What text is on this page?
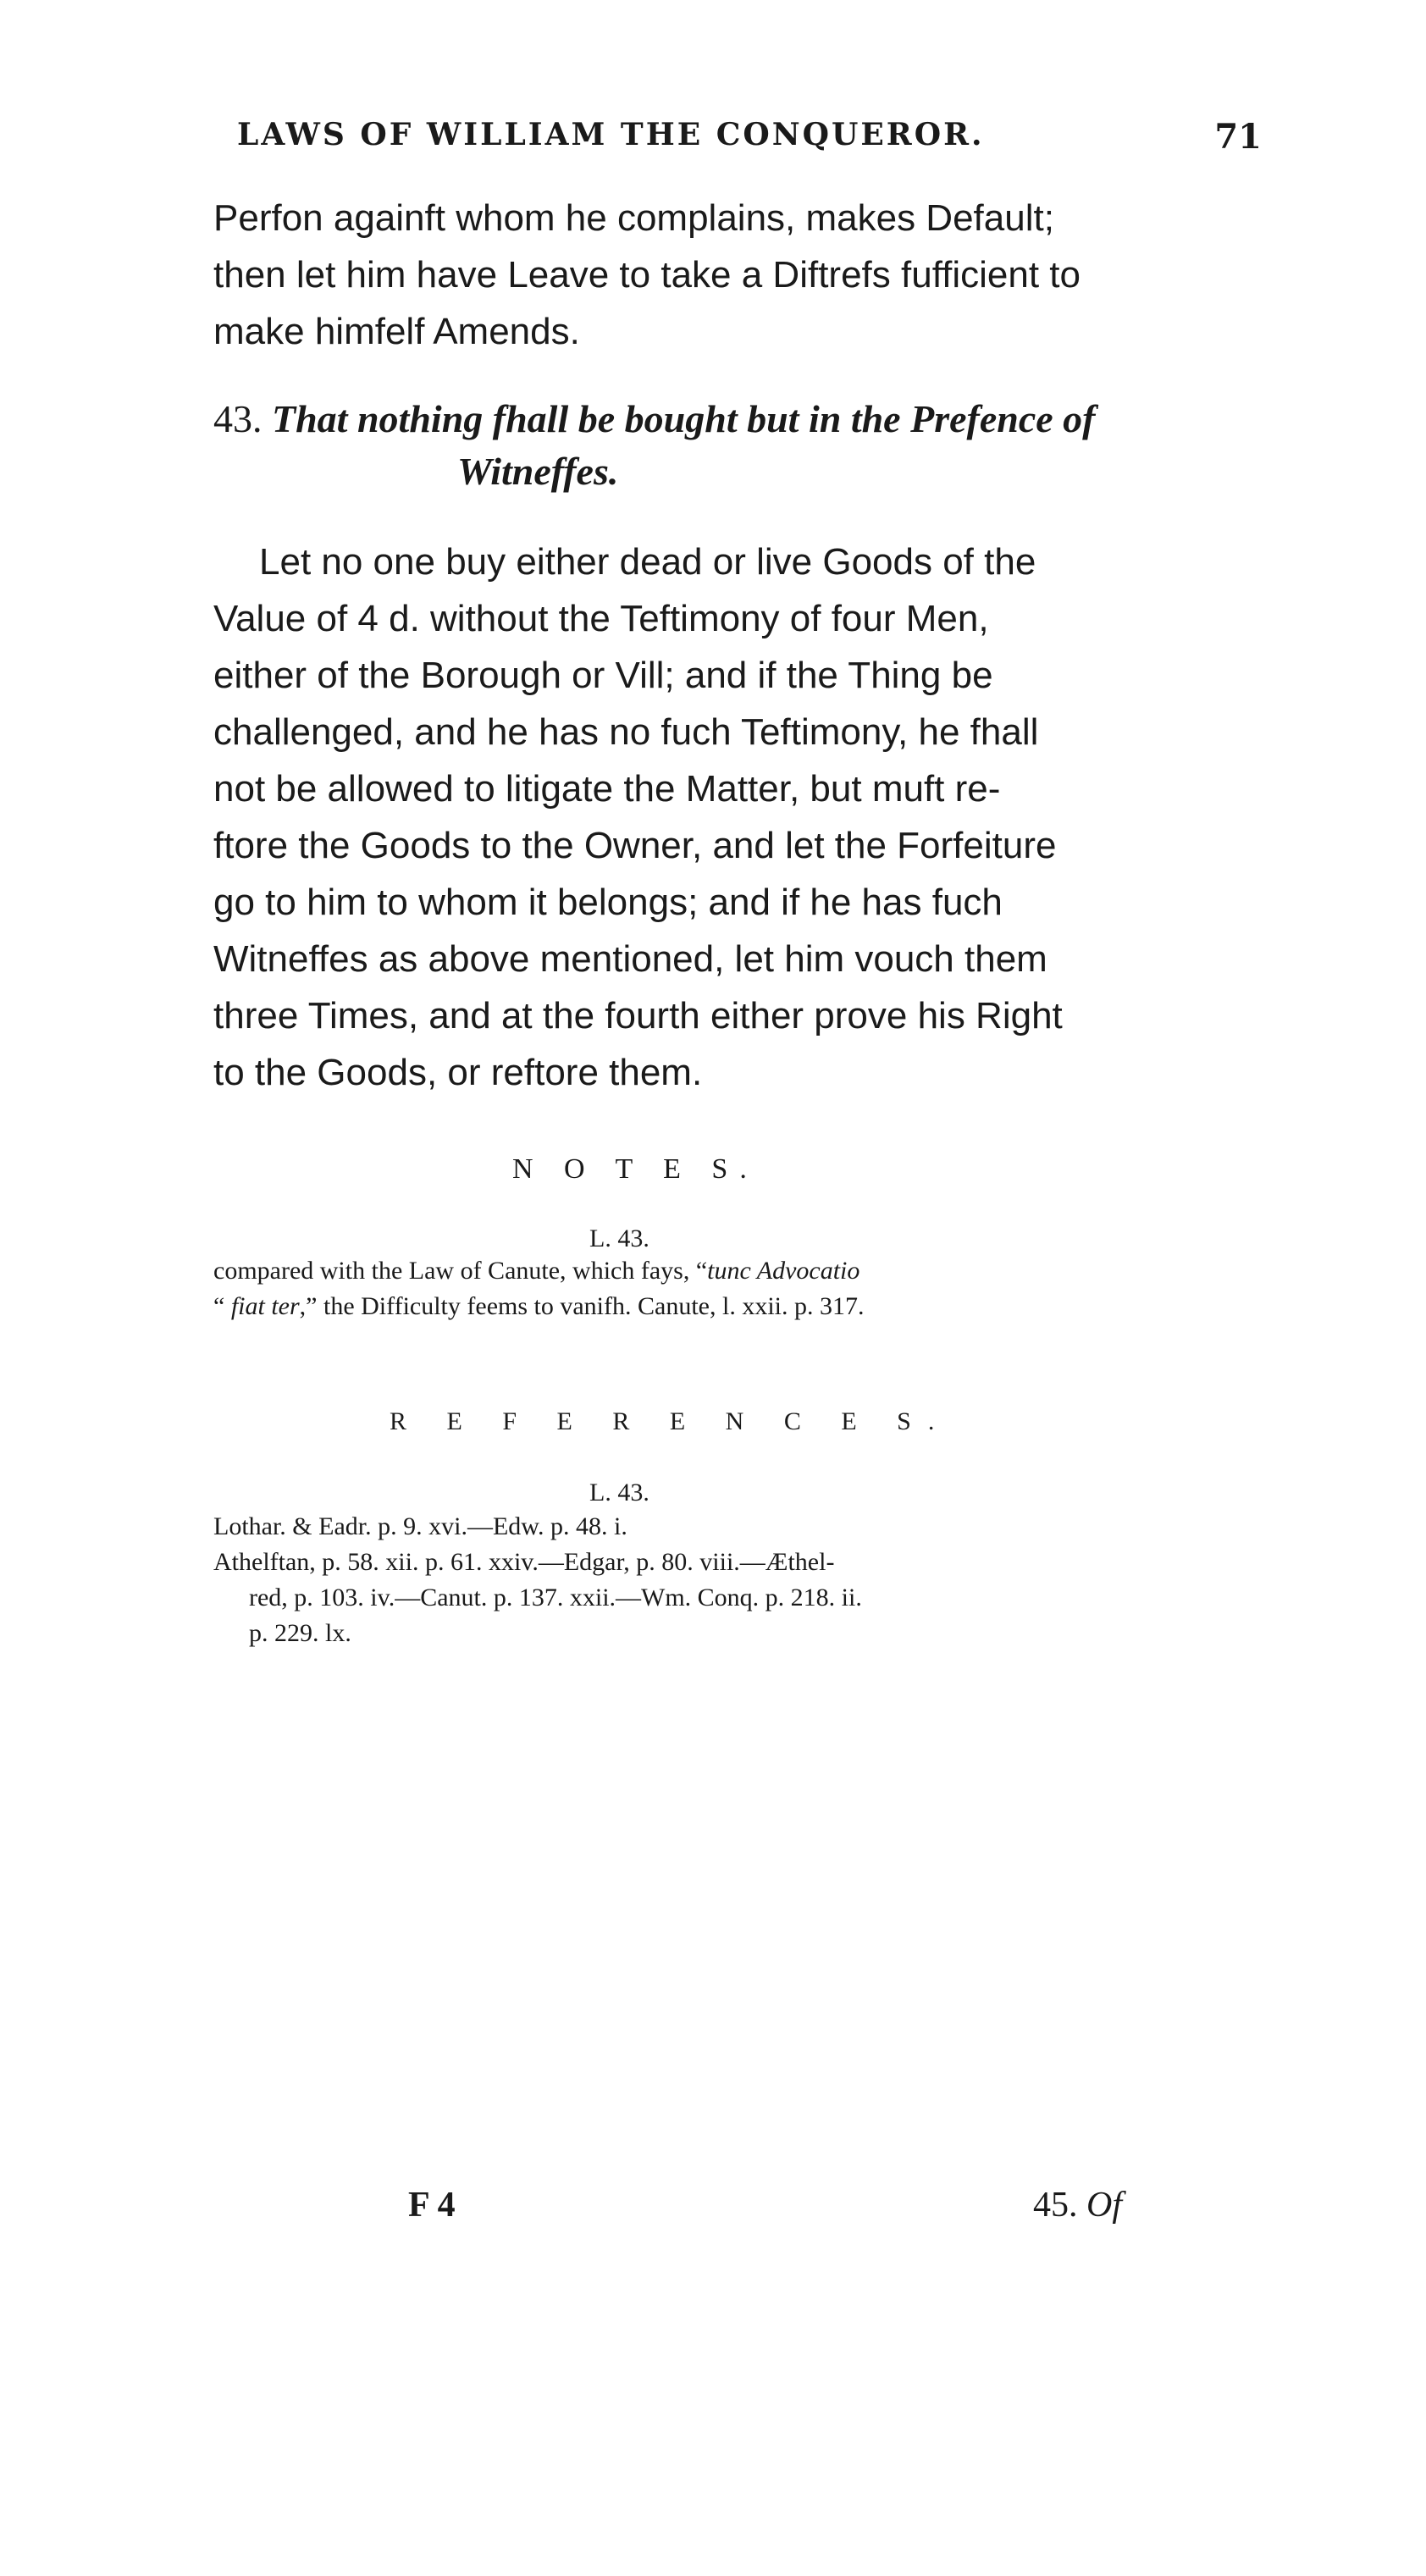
LAWS OF WILLIAM THE CONQUEROR.	71
Perfon againft whom he complains, makes Default;
then let him have Leave to take a Diftrefs fufficient to
make himfelf Amends.
43. That nothing fhall be bought but in the Prefence of
Witneffes.
Let no one buy either dead or live Goods of the
Value of 4 d. without the Teftimony of four Men,
either of the Borough or Vill; and if the Thing be
challenged, and he has no fuch Teftimony, he fhall
not be allowed to litigate the Matter, but muft re-
ftore the Goods to the Owner, and let the Forfeiture
go to him to whom it belongs; and if he has fuch
Witneffes as above mentioned, let him vouch them
three Times, and at the fourth either prove his Right
to the Goods, or reftore them.
N O T E S.
L. 43.
compared with the Law of Canute, which fays, “tunc Advocatio
“ fiat ter,” the Difficulty feems to vanifh. Canute, l. xxii. p. 317.
R E F E R E N C E S.
L. 43.
Lothar. & Eadr. p. 9. xvi.—Edw. p. 48. i.
Athelftan, p. 58. xii. p. 61. xxiv.—Edgar, p. 80. viii.—Æthel-
red, p. 103. iv.—Canut. p. 137. xxii.—Wm. Conq. p. 218. ii.
p. 229. lx.
F 4	45. Of
